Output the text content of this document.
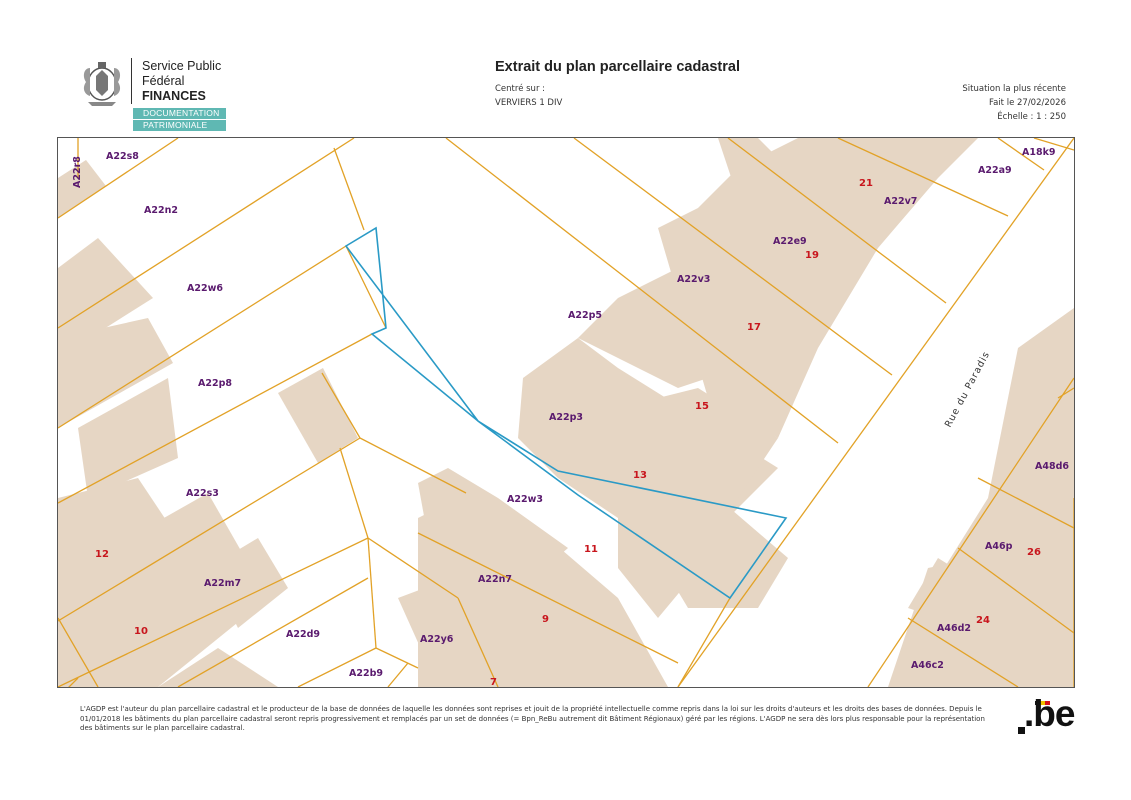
Service Public
Fédéral
FINANCES
DOCUMENTATION
PATRIMONIALE
Extrait du plan parcellaire cadastral
Centré sur :
VERVIERS 1 DIV
Situation la plus récente
Fait le 27/02/2026
Échelle : 1 : 250
A22r8 A22s8
A22n2
A22w6
A22p8
A22s3
A22m7
A22d9
A22b9
A22y6
A22n7
A22w3
A22p3
A22p5
A22v3
A22e9
A22v7
A22a9
A18k9
A48d6
A46p
A46d2
A46c2
21
19
17
15
13
11
9
7
12
10
26
24
Rue du Paradis
L'AGDP est l'auteur du plan parcellaire cadastral et le producteur de la base de données de laquelle les données sont reprises et jouit de la propriété intellectuelle comme repris dans la loi sur les droits d'auteurs et les droits des bases de données. Depuis le 01/01/2018 les bâtiments du plan parcellaire cadastral seront repris progressivement et remplacés par un set de données (= Bpn_ReBu autrement dit Bâtiment Régionaux) géré par les régions. L'AGDP ne sera dès lors plus responsable pour la représentation des bâtiments sur le plan parcellaire cadastral.	.be
